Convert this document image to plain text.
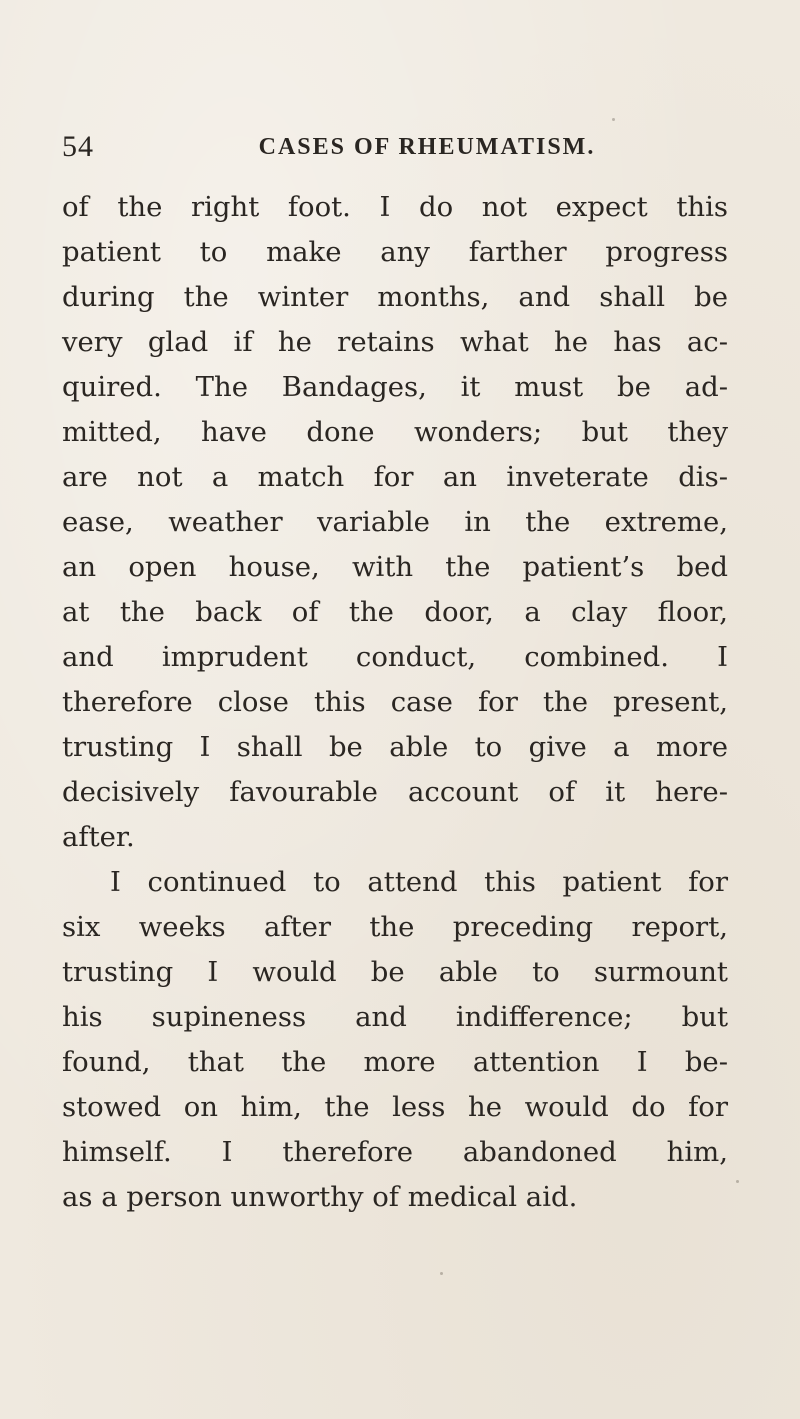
54	CASES OF RHEUMATISM.
of the right foot. I do not expect this
patient to make any farther progress
during the winter months, and shall be
very glad if he retains what he has ac-
quired. The Bandages, it must be ad-
mitted, have done wonders; but they
are not a match for an inveterate dis-
ease, weather variable in the extreme,
an open house, with the patient’s bed
at the back of the door, a clay floor,
and imprudent conduct, combined. I
therefore close this case for the present,
trusting I shall be able to give a more
decisively favourable account of it here-
after.
I continued to attend this patient for
six weeks after the preceding report,
trusting I would be able to surmount
his supineness and indifference; but
found, that the more attention I be-
stowed on him, the less he would do for
himself. I therefore abandoned him,
as a person unworthy of medical aid.
